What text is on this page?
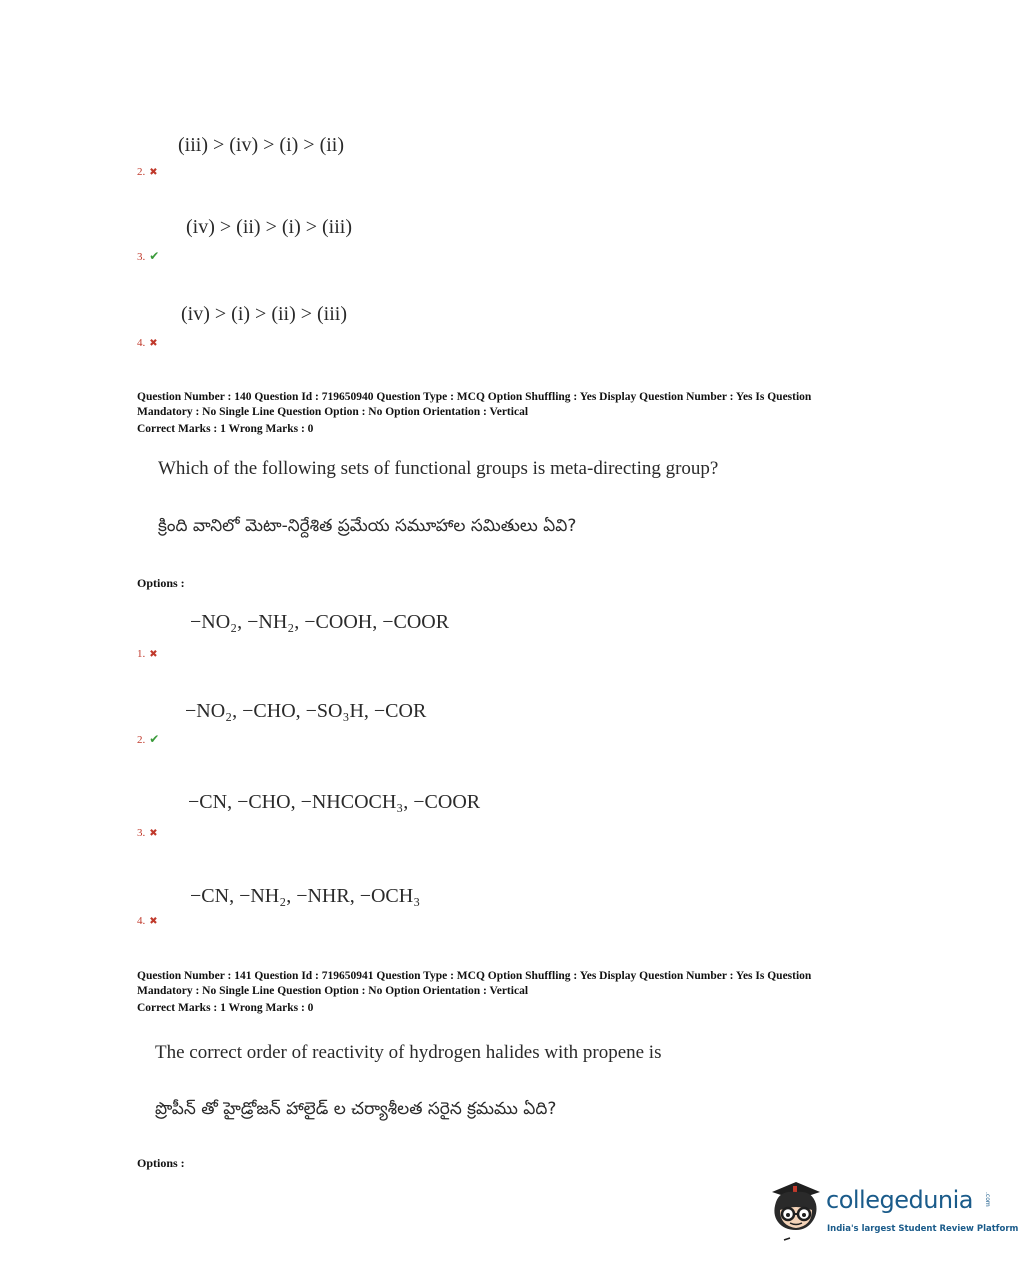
(iii) > (iv) > (i) > (ii)
2. ✖
(iv) > (ii) > (i) > (iii)
3. ✔
(iv) > (i) > (ii) > (iii)
4. ✖
Question Number : 140 Question Id : 719650940 Question Type : MCQ Option Shuffling : Yes Display Question Number : Yes Is Question
Mandatory : No Single Line Question Option : No Option Orientation : Vertical
Correct Marks : 1 Wrong Marks : 0
Which of the following sets of functional groups is meta-directing group?
క్రింది వానిలో మెటా-నిర్దేశిత ప్రమేయ సమూహాల సమితులు ఏవి?
Options :
−NO₂, −NH₂, −COOH, −COOR
1. ✖
−NO₂, −CHO, −SO₃H, −COR
2. ✔
−CN, −CHO, −NHCOCH₃, −COOR
3. ✖
−CN, −NH₂, −NHR, −OCH₃
4. ✖
Question Number : 141 Question Id : 719650941 Question Type : MCQ Option Shuffling : Yes Display Question Number : Yes Is Question
Mandatory : No Single Line Question Option : No Option Orientation : Vertical
Correct Marks : 1 Wrong Marks : 0
The correct order of reactivity of hydrogen halides with propene is
ప్రొపీన్ తో హైడ్రోజన్ హాలైడ్ ల చర్యాశీలత సరైన క్రమము ఏది?
Options :
collegedunia .com
India's largest Student Review Platform
